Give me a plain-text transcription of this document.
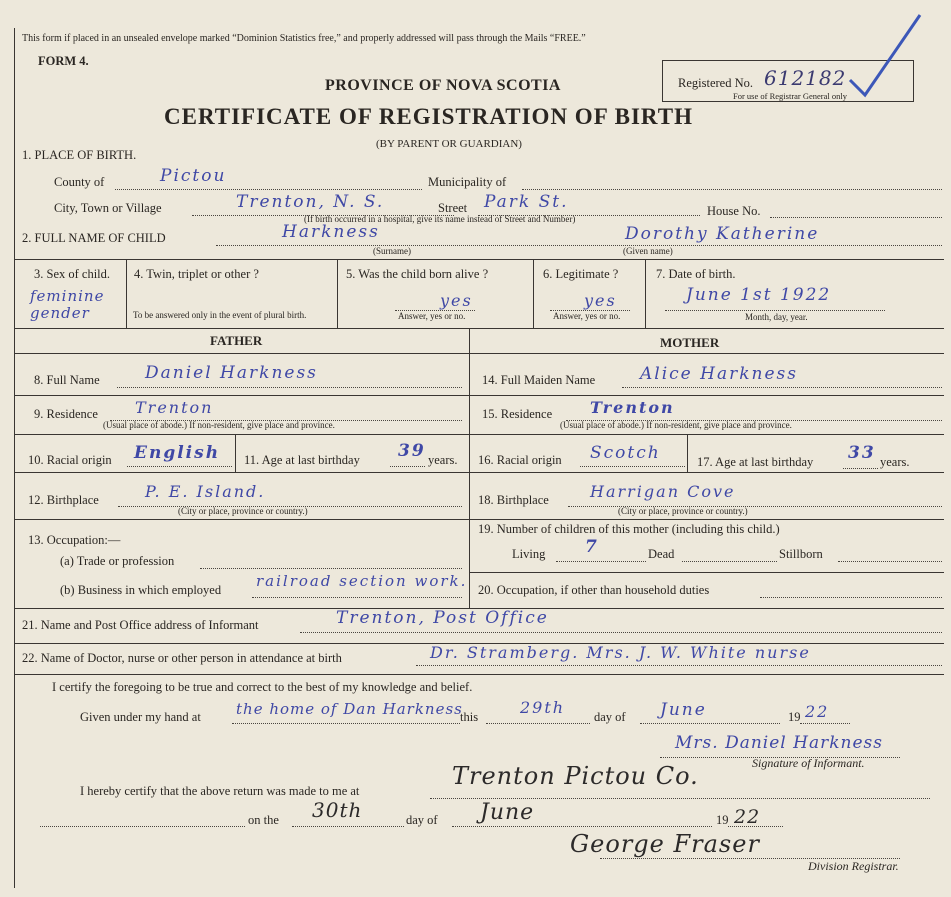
This form if placed in an unsealed envelope marked “Dominion Statistics free,” and properly addressed will pass through the Mails “FREE.”
FORM 4.
PROVINCE OF NOVA SCOTIA
CERTIFICATE OF REGISTRATION OF BIRTH
(BY PARENT OR GUARDIAN)
Registered No. 612182
For use of Registrar General only
1. PLACE OF BIRTH.
County of	Pictou	Municipality of
City, Town or Village	Trenton, N. S.	Street Park St.	House No.
(If birth occurred in a hospital, give its name instead of Street and Number)
2. FULL NAME OF CHILD	Harkness	Dorothy Katherine
(Surname)	(Given name)
3. Sex of child.
feminine gender
4. Twin, triplet or other ?
To be answered only in the event of plural birth.
5. Was the child born alive ?
yes
Answer, yes or no.
6. Legitimate ?
yes
Answer, yes or no.
7. Date of birth.
June 1st 1922
Month, day, year.
FATHER	MOTHER
8. Full Name	Daniel Harkness
9. Residence Trenton
(Usual place of abode.) If non-resident, give place and province.
10. Racial origin English 11. Age at last birthday 39 years.
12. Birthplace	P. E. Island.
(City or place, province or country.)
13. Occupation:—
(a) Trade or profession
(b) Business in which employed railroad section work.
14. Full Maiden Name	Alice Harkness
15. Residence Trenton
(Usual place of abode.) If non-resident, give place and province.
16. Racial origin Scotch	17. Age at last birthday 33 years.
18. Birthplace	Harrigan Cove
(City or place, province or country.)
19. Number of children of this mother (including this child.)
Living 7	Dead	Stillborn
20. Occupation, if other than household duties
21. Name and Post Office address of Informant	Trenton, Post Office
22. Name of Doctor, nurse or other person in attendance at birth	Dr. Stramberg. Mrs. J. W. White nurse
I certify the foregoing to be true and correct to the best of my knowledge and belief.
Given under my hand at the home of Dan Harkness
this	29th day of June	19 22
Mrs. Daniel Harkness
Signature of Informant.
I hereby certify that the above return was made to me at
Trenton Pictou Co.
on the 30th	day of June	19 22
George Fraser
Division Registrar.
